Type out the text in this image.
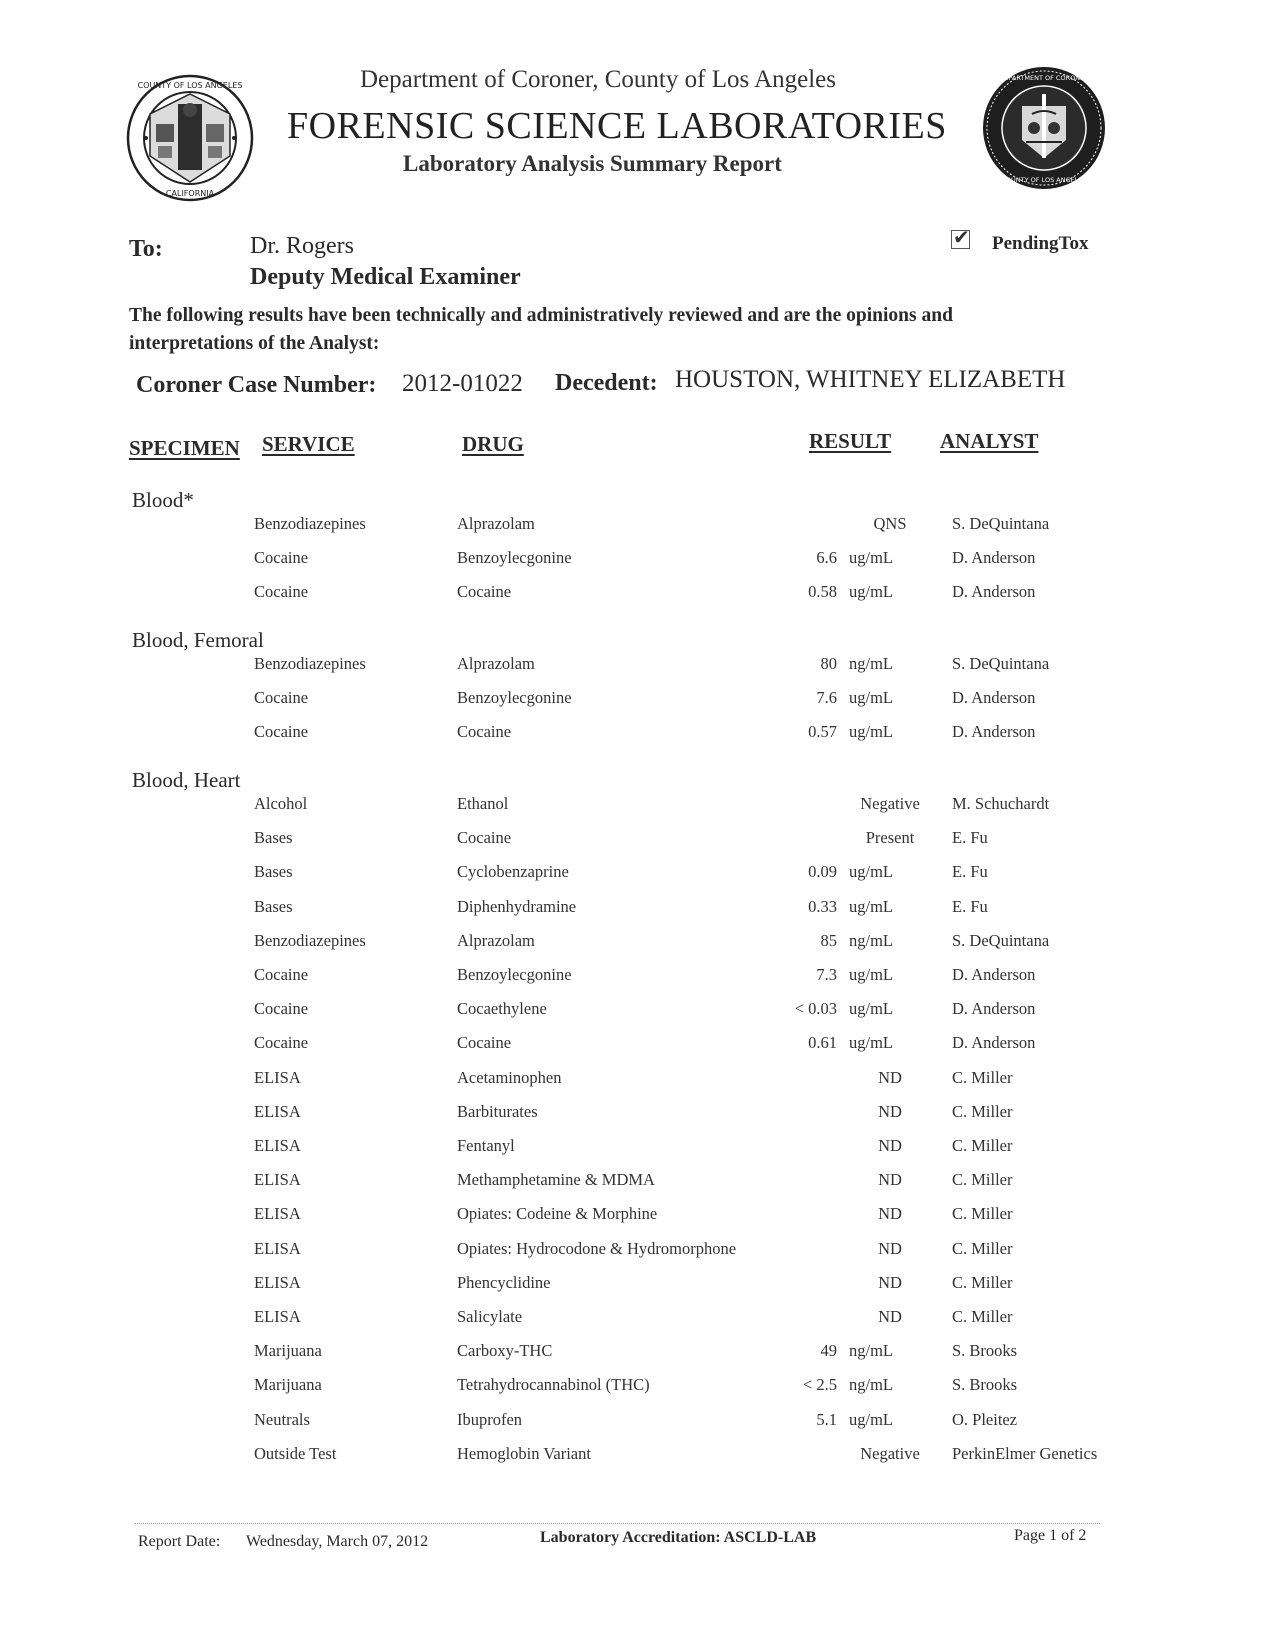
COUNTY OF LOS ANGELES
CALIFORNIA
DEPARTMENT OF CORONER
COUNTY OF LOS ANGELES
Department of Coroner, County of Los Angeles
FORENSIC SCIENCE LABORATORIES
Laboratory Analysis Summary Report
To:	Dr. Rogers
Deputy Medical Examiner
✔ PendingTox
The following results have been technically and administratively reviewed and are the opinions and interpretations of the Analyst:
Coroner Case Number: 2012-01022 Decedent: HOUSTON, WHITNEY ELIZABETH
SPECIMEN SERVICE	DRUG	RESULT ANALYST
Blood*
Benzodiazepines	Alprazolam	QNS	S. DeQuintana
Cocaine	Benzoylecgonine	6.6 ug/mL	D. Anderson
Cocaine	Cocaine	0.58 ug/mL	D. Anderson
Blood, Femoral
Benzodiazepines	Alprazolam	80 ng/mL	S. DeQuintana
Cocaine	Benzoylecgonine	7.6 ug/mL	D. Anderson
Cocaine	Cocaine	0.57 ug/mL	D. Anderson
Blood, Heart
Alcohol	Ethanol	Negative	M. Schuchardt
Bases	Cocaine	Present	E. Fu
Bases	Cyclobenzaprine	0.09 ug/mL	E. Fu
Bases	Diphenhydramine	0.33 ug/mL	E. Fu
Benzodiazepines	Alprazolam	85 ng/mL	S. DeQuintana
Cocaine	Benzoylecgonine	7.3 ug/mL	D. Anderson
Cocaine	Cocaethylene	< 0.03 ug/mL	D. Anderson
Cocaine	Cocaine	0.61 ug/mL	D. Anderson
ELISA	Acetaminophen	ND	C. Miller
ELISA	Barbiturates	ND	C. Miller
ELISA	Fentanyl	ND	C. Miller
ELISA	Methamphetamine & MDMA	ND	C. Miller
ELISA	Opiates: Codeine & Morphine	ND	C. Miller
ELISA	Opiates: Hydrocodone & Hydromorphone	ND	C. Miller
ELISA	Phencyclidine	ND	C. Miller
ELISA	Salicylate	ND	C. Miller
Marijuana	Carboxy-THC	49 ng/mL	S. Brooks
Marijuana	Tetrahydrocannabinol (THC)	< 2.5 ng/mL	S. Brooks
Neutrals	Ibuprofen	5.1 ug/mL	O. Pleitez
Outside Test	Hemoglobin Variant	Negative	PerkinElmer Genetics
Report Date: Wednesday, March 07, 2012	Laboratory Accreditation: ASCLD-LAB	Page 1 of 2
